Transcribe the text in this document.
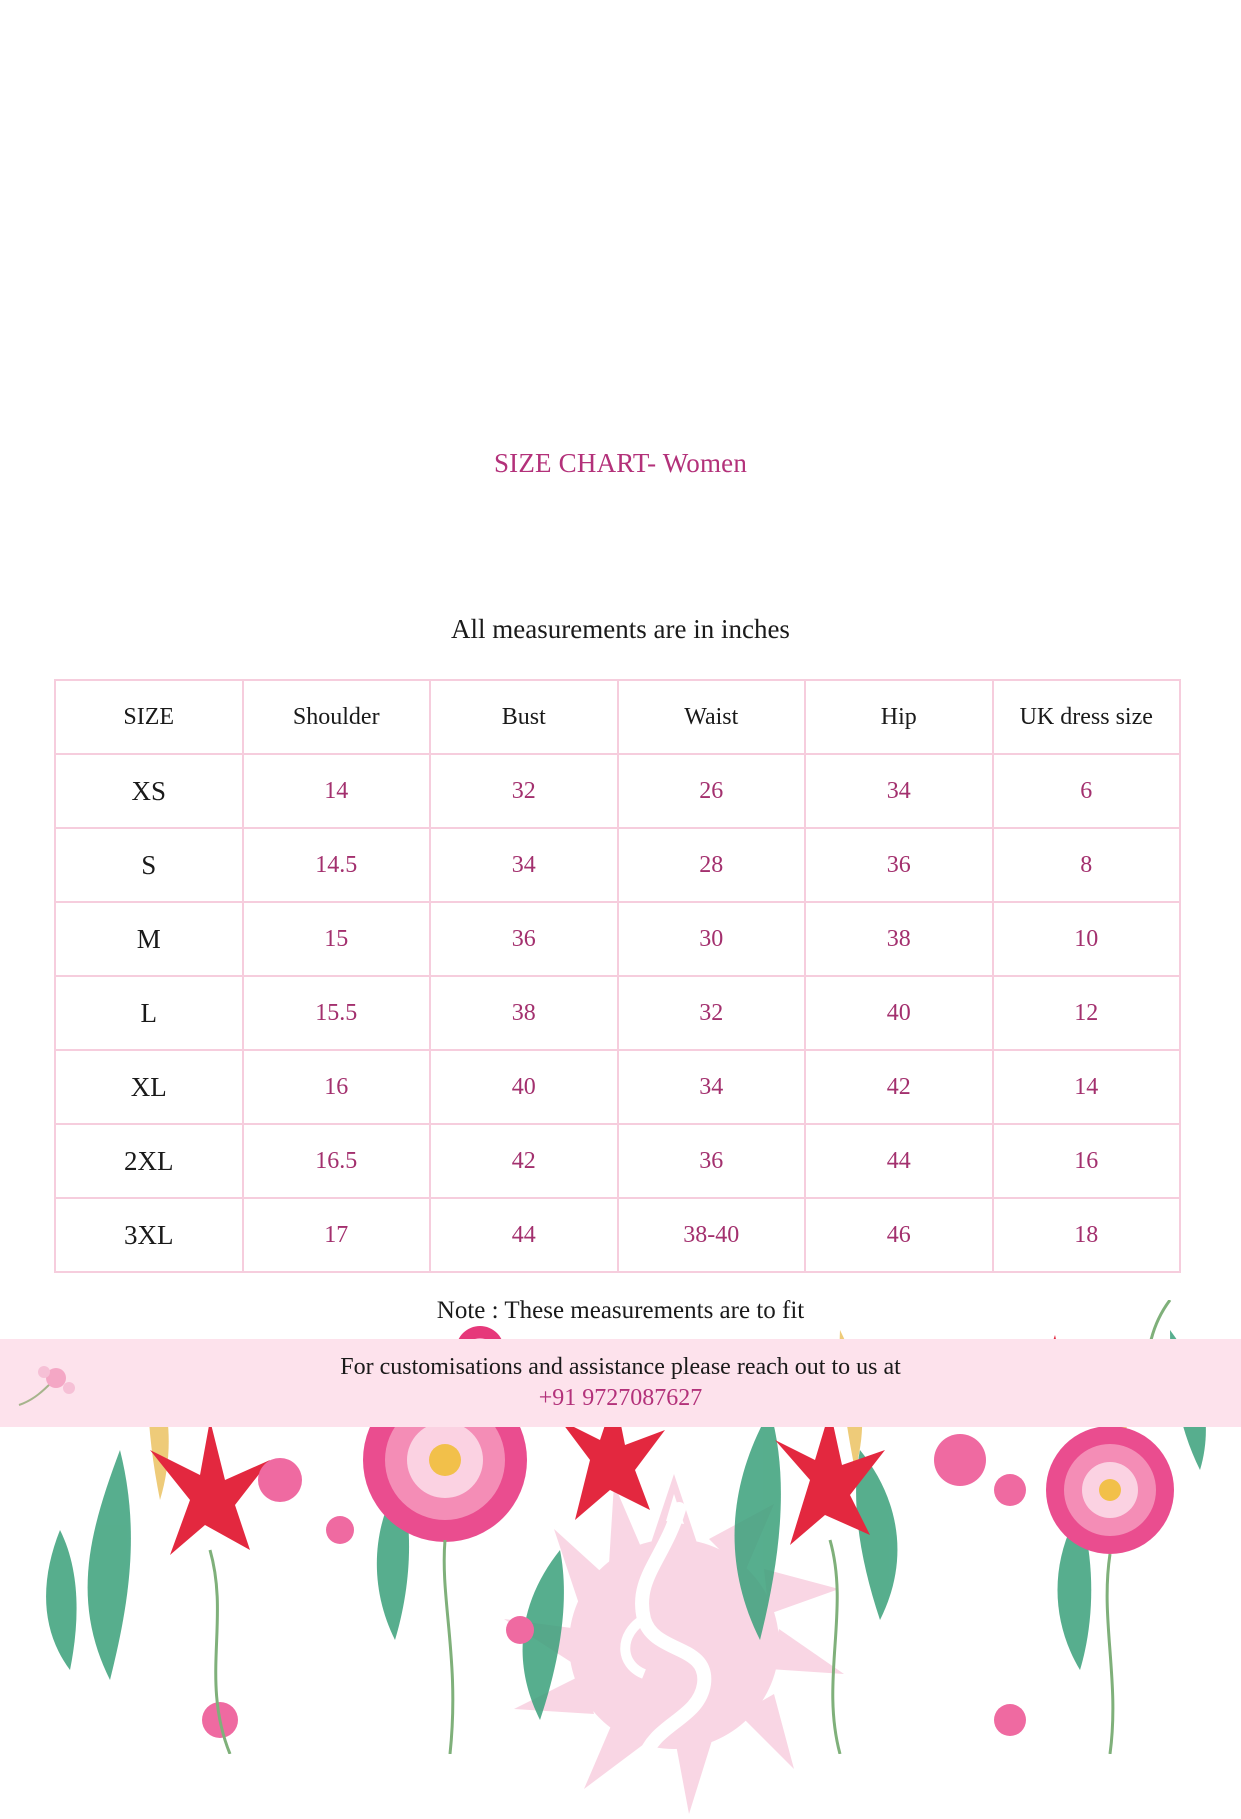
SIZE CHART- Women
All measurements are in inches
SIZE	Shoulder	Bust	Waist	Hip	UK dress size
XS	14	32	26	34	6
S	14.5	34	28	36	8
M	15	36	30	38	10
L	15.5	38	32	40	12
XL	16	40	34	42	14
2XL	16.5	42	36	44	16
3XL	17	44	38-40	46	18
Note : These measurements are to fit
For customisations and assistance please reach out to us at
+91 9727087627
